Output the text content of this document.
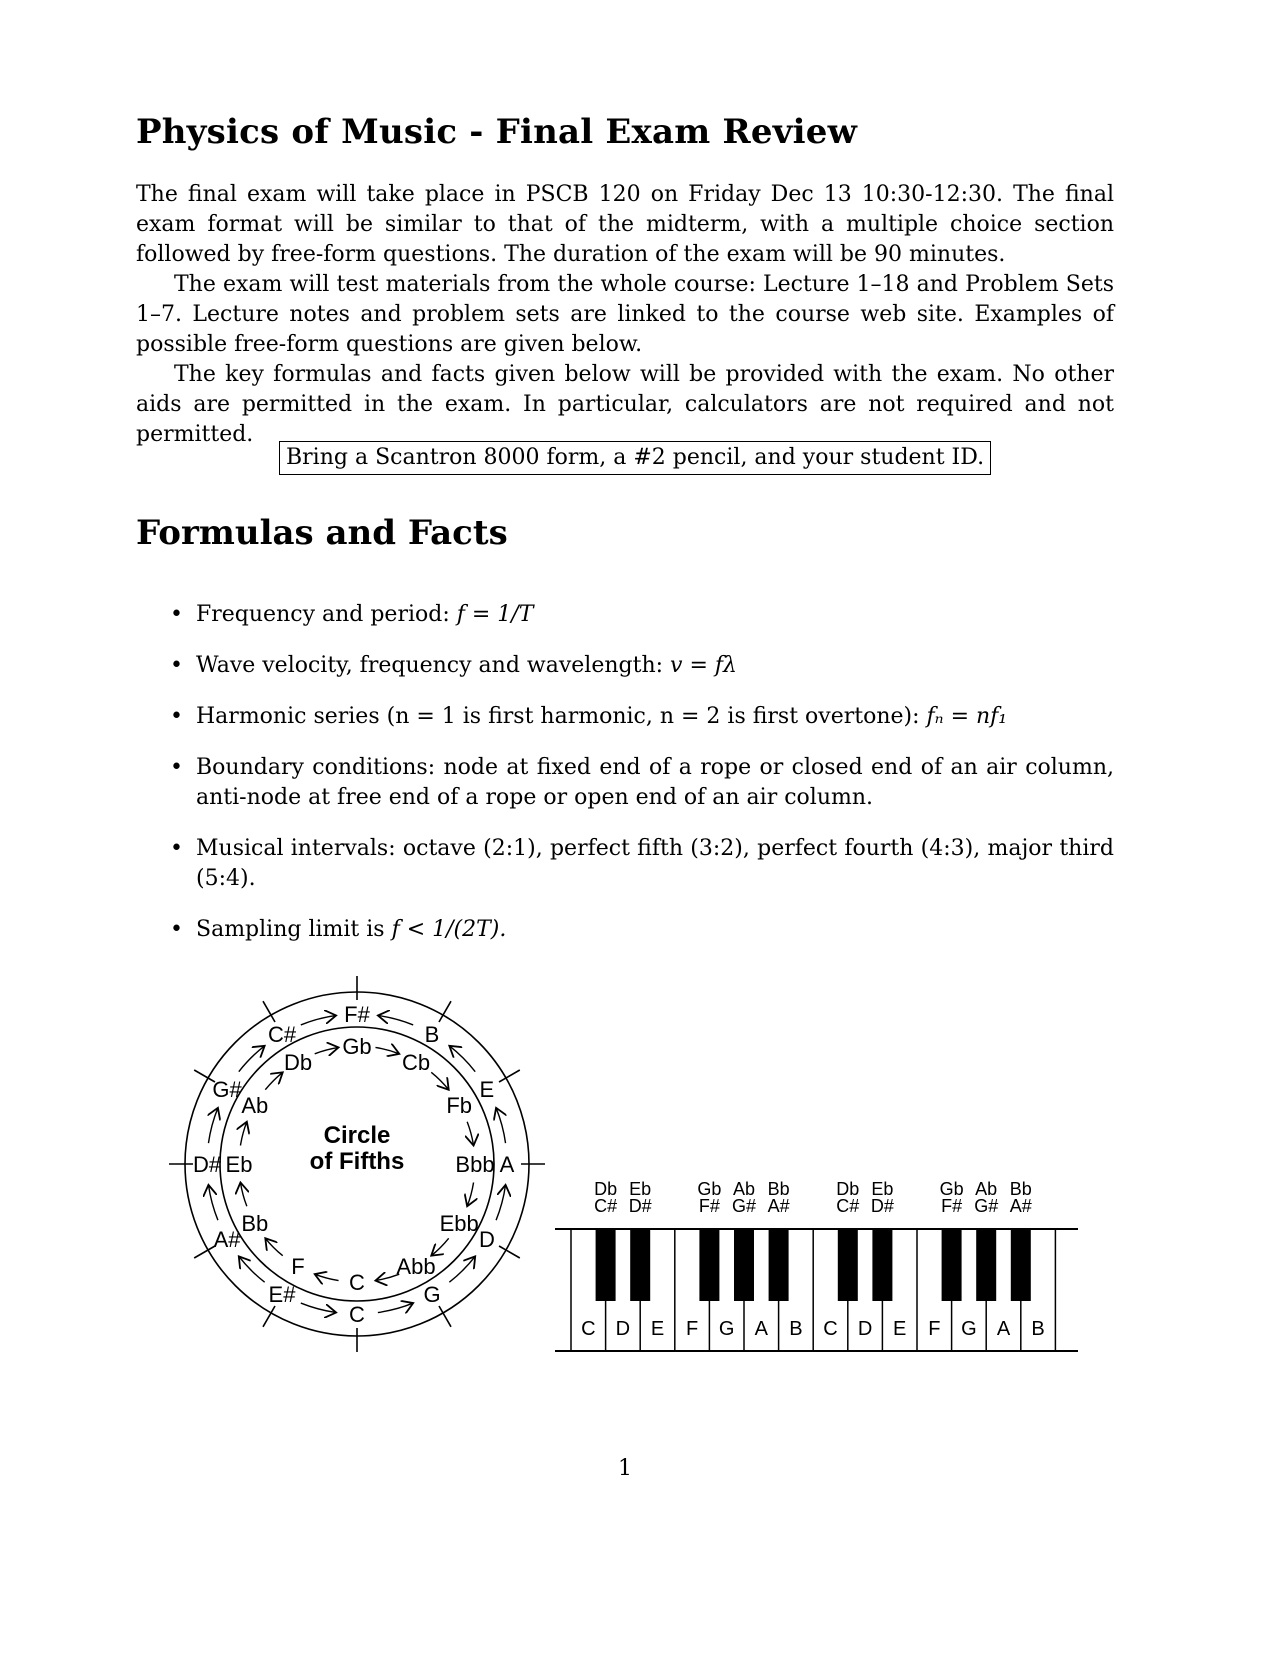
Physics of Music - Final Exam Review

The final exam will take place in PSCB 120 on Friday Dec 13 10:30-12:30. The final exam format will be similar to that of the midterm, with a multiple choice section followed by free-form questions. The duration of the exam will be 90 minutes.

The exam will test materials from the whole course: Lecture 1–18 and Problem Sets 1–7. Lecture notes and problem sets are linked to the course web site. Examples of possible free-form questions are given below.

The key formulas and facts given below will be provided with the exam. No other aids are permitted in the exam. In particular, calculators are not required and not permitted.

Bring a Scantron 8000 form, a #2 pencil, and your student ID.
Formulas and Facts
• Frequency and period: f = 1/T
• Wave velocity, frequency and wavelength: v = fλ
• Harmonic series (n = 1 is first harmonic, n = 2 is first overtone): fₙ = nf₁
• Boundary conditions: node at fixed end of a rope or closed end of an air column, anti-node at free end of a rope or open end of an air column.
• Musical intervals: octave (2:1), perfect fifth (3:2), perfect fourth (4:3), major third (5:4).
• Sampling limit is f < 1/(2T).
F#
C#
G#
D#
A#
E#
B
E
A
D
G
C
Gb
Cb
Fb
Bbb
Ebb
Abb
C
F
Bb
Eb
Ab
Db
Circle
of Fifths
C D E F G A B C D E F G A B
Db
C#
Eb
D#
Gb
F#
Ab
G#
Bb
A#
Db
C#
Eb
D#
Gb
F#
Ab
G#
Bb
A#
1
